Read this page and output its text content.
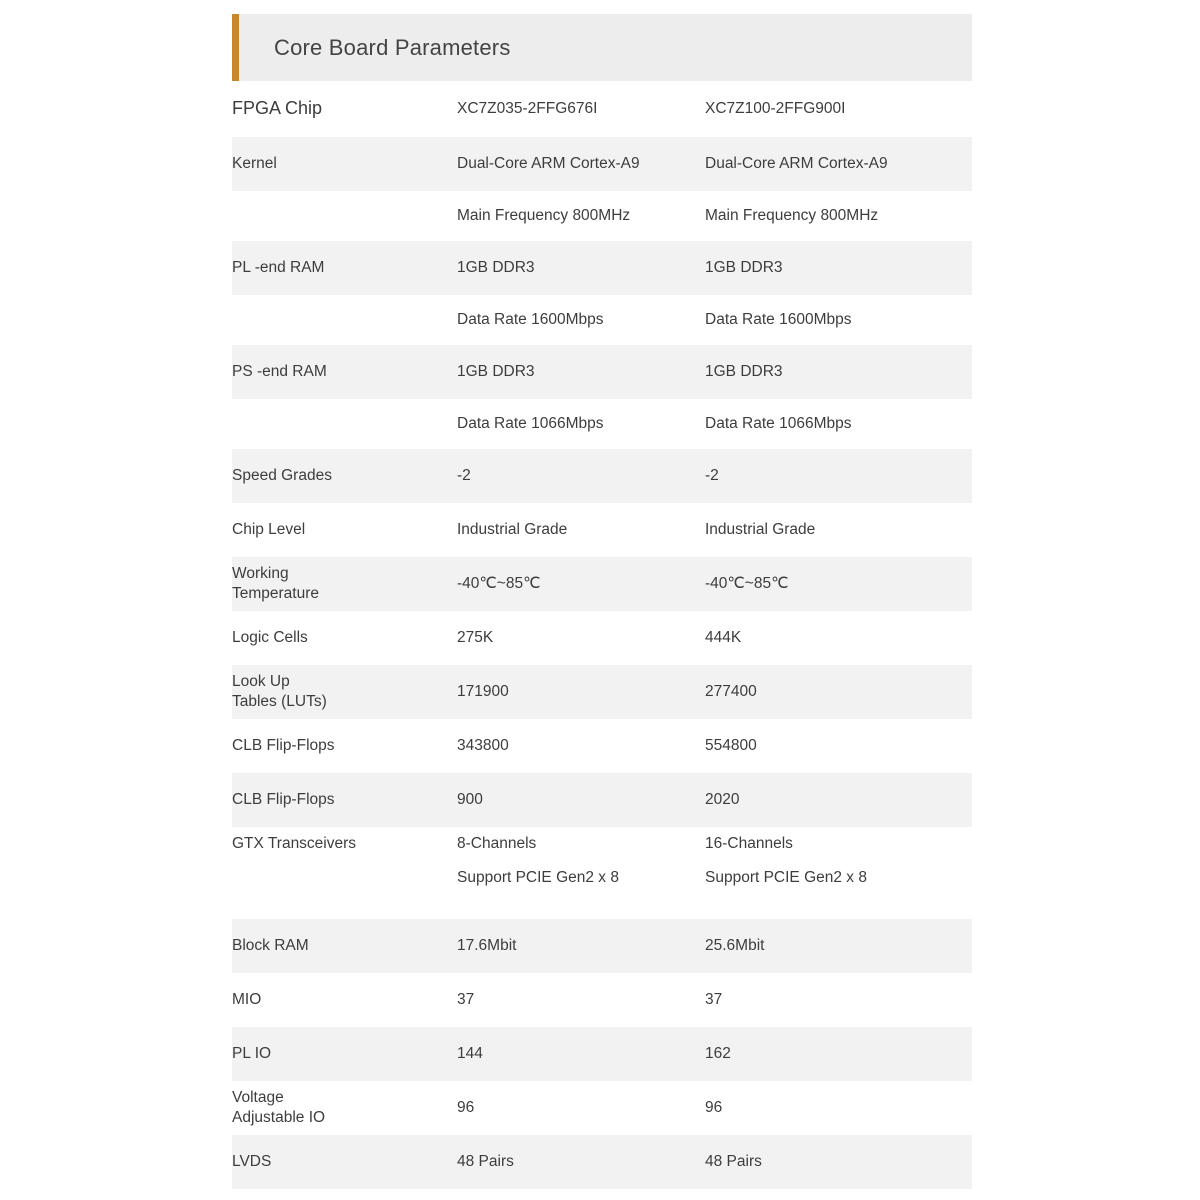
Core Board Parameters
FPGA Chip	XC7Z035-2FFG676I	XC7Z100-2FFG900I
Kernel	Dual-Core ARM Cortex-A9	Dual-Core ARM Cortex-A9
	Main Frequency 800MHz	Main Frequency 800MHz
PL -end RAM	1GB DDR3	1GB DDR3
	Data Rate 1600Mbps	Data Rate 1600Mbps
PS -end RAM	1GB DDR3	1GB DDR3
	Data Rate 1066Mbps	Data Rate 1066Mbps
Speed Grades	-2	-2
Chip Level	Industrial Grade	Industrial Grade

Working
Temperature	-40℃~85℃	-40℃~85℃
Logic Cells	275K	444K

Look Up
Tables (LUTs)	171900	277400
CLB Flip-Flops	343800	554800
CLB Flip-Flops	900	2020
GTX Transceivers	8-Channels	16-Channels
	Support PCIE Gen2 x 8	Support PCIE Gen2 x 8

Block RAM	17.6Mbit	25.6Mbit
MIO	37	37
PL IO	144	162

Voltage
Adjustable IO	96	96
LVDS	48 Pairs	48 Pairs
